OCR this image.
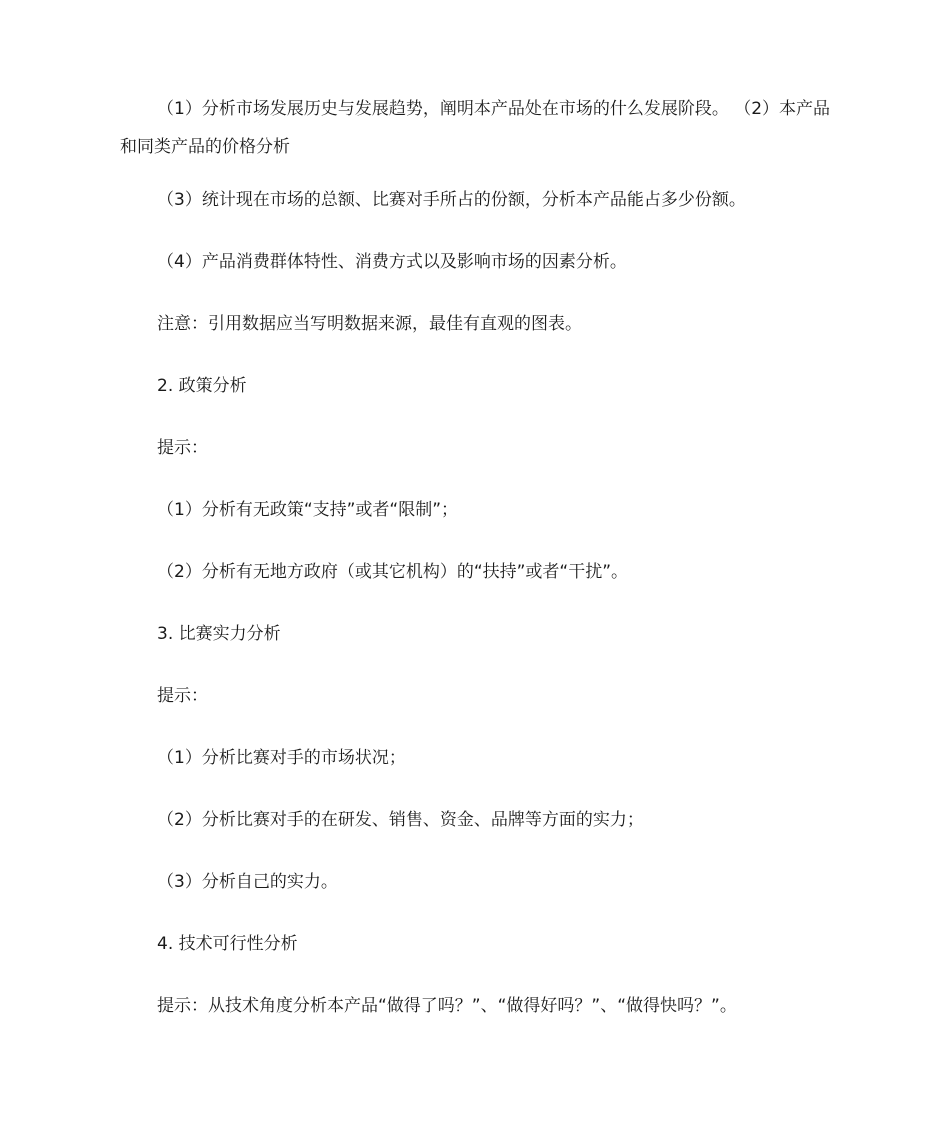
（1）分析市场发展历史与发展趋势，阐明本产品处在市场的什么发展阶段。 （2）本产品和同类产品的价格分析

（3）统计现在市场的总额、比赛对手所占的份额，分析本产品能占多少份额。

（4）产品消费群体特性、消费方式以及影响市场的因素分析。

注意：引用数据应当写明数据来源，最佳有直观的图表。

2. 政策分析

提示：

（1）分析有无政策“支持”或者“限制”；

（2）分析有无地方政府（或其它机构）的“扶持”或者“干扰”。

3. 比赛实力分析

提示：

（1）分析比赛对手的市场状况；

（2）分析比赛对手的在研发、销售、资金、品牌等方面的实力；

（3）分析自己的实力。

4. 技术可行性分析

提示：从技术角度分析本产品“做得了吗？”、“做得好吗？”、“做得快吗？”。
